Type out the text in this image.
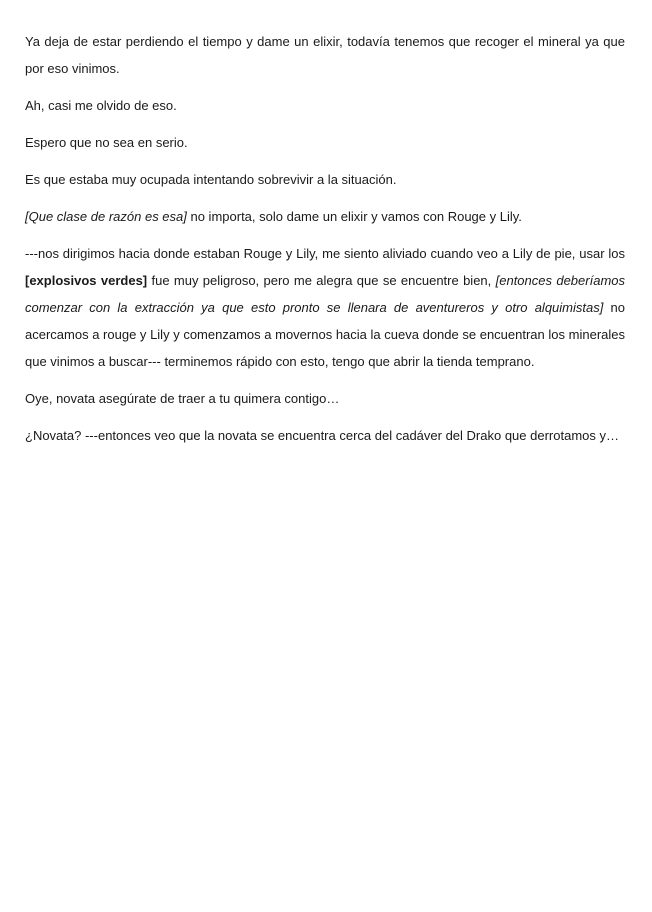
Ya deja de estar perdiendo el tiempo y dame un elixir, todavía tenemos que recoger el mineral ya que por eso vinimos.

Ah, casi me olvido de eso.

Espero que no sea en serio.

Es que estaba muy ocupada intentando sobrevivir a la situación.

[Que clase de razón es esa] no importa, solo dame un elixir y vamos con Rouge y Lily.

---nos dirigimos hacia donde estaban Rouge y Lily, me siento aliviado cuando veo a Lily de pie, usar los [explosivos verdes] fue muy peligroso, pero me alegra que se encuentre bien, [entonces deberíamos comenzar con la extracción ya que esto pronto se llenara de aventureros y otro alquimistas] no acercamos a rouge y Lily y comenzamos a movernos hacia la cueva donde se encuentran los minerales que vinimos a buscar--- terminemos rápido con esto, tengo que abrir la tienda temprano.

Oye, novata asegúrate de traer a tu quimera contigo…

¿Novata? ---entonces veo que la novata se encuentra cerca del cadáver del Drako que derrotamos y…
